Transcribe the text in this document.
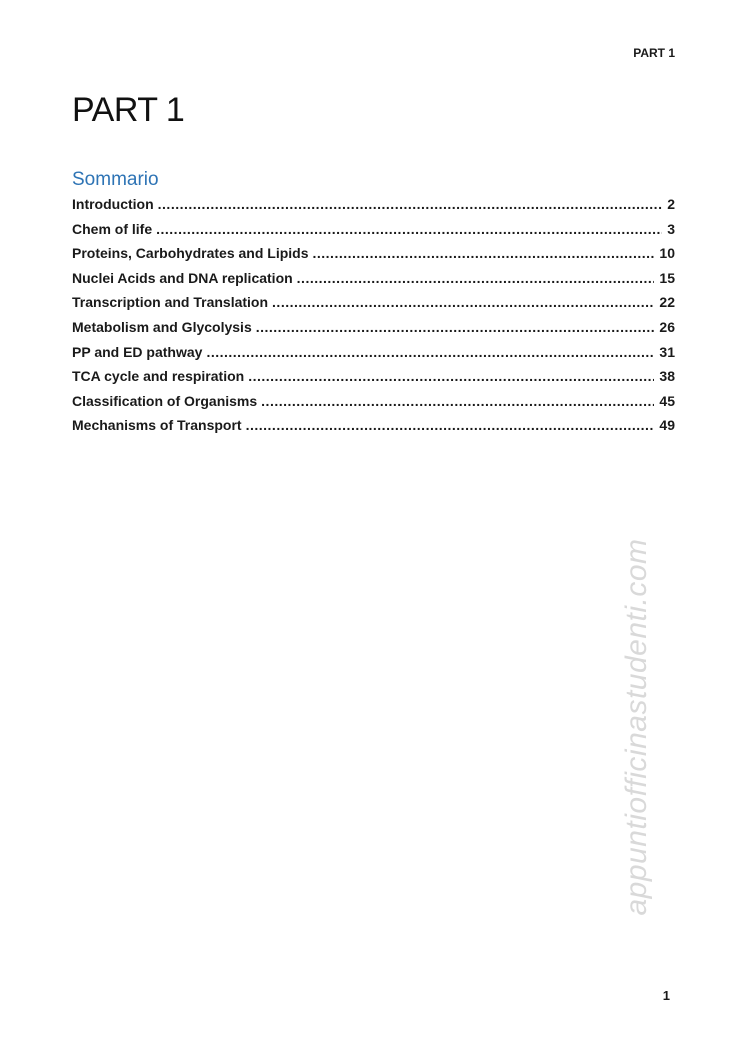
PART 1
PART 1
Sommario
Introduction .....	2
Chem of life .....	3
Proteins, Carbohydrates and Lipids .....	10
Nuclei Acids and DNA replication .....	15
Transcription and Translation .....	22
Metabolism and Glycolysis .....	26
PP and ED pathway .....	31
TCA cycle and respiration .....	38
Classification of Organisms .....	45
Mechanisms of Transport .....	49
appuntiofficinastudenti.com
1
